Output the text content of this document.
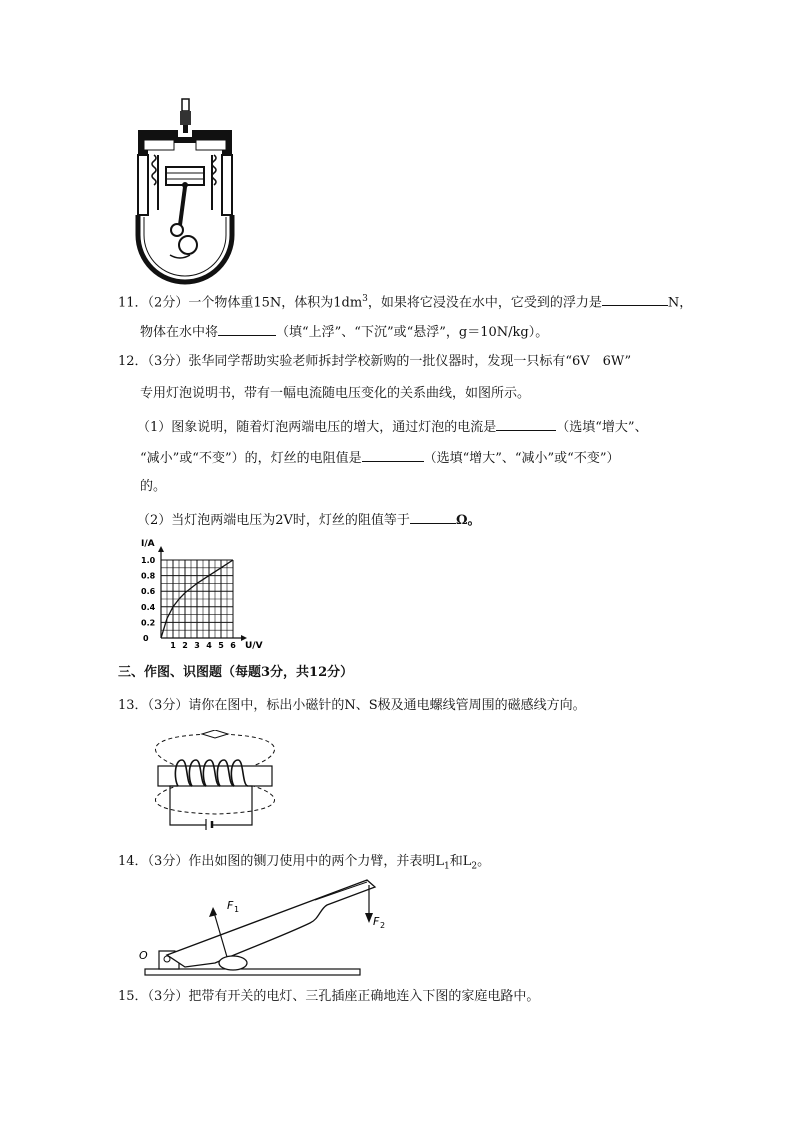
11．（2分）一个物体重15N，体积为$1dm^3$，如果将它浸没在水中，它受到的浮力是	N，
物体在水中将	（填“上浮”、“下沉”或“悬浮”，g＝10N/kg）。
12．（3分）张华同学帮助实验老师拆封学校新购的一批仪器时，发现一只标有“6V　6W”
专用灯泡说明书，带有一幅电流随电压变化的关系曲线，如图所示。
（1）图象说明，随着灯泡两端电压的增大，通过灯泡的电流是	（选填“增大”、
“减小”或“不变”）的，灯丝的电阻值是	（选填“增大”、“减小”或“不变”）
的。
（2）当灯泡两端电压为2V时，灯丝的阻值等于	Ω。
1 2 3 4 5 6
1.0
0.8
0.6
0.4
0.2
0
I/A
U/V
三、作图、识图题（每题3分，共12分）
13．（3分）请你在图中，标出小磁针的N、S极及通电螺线管周围的磁感线方向。
14．（3分）作出如图的铡刀使用中的两个力臂，并表明$L_1$和$L_2$。
F 1
F 2
O
15．（3分）把带有开关的电灯、三孔插座正确地连入下图的家庭电路中。
